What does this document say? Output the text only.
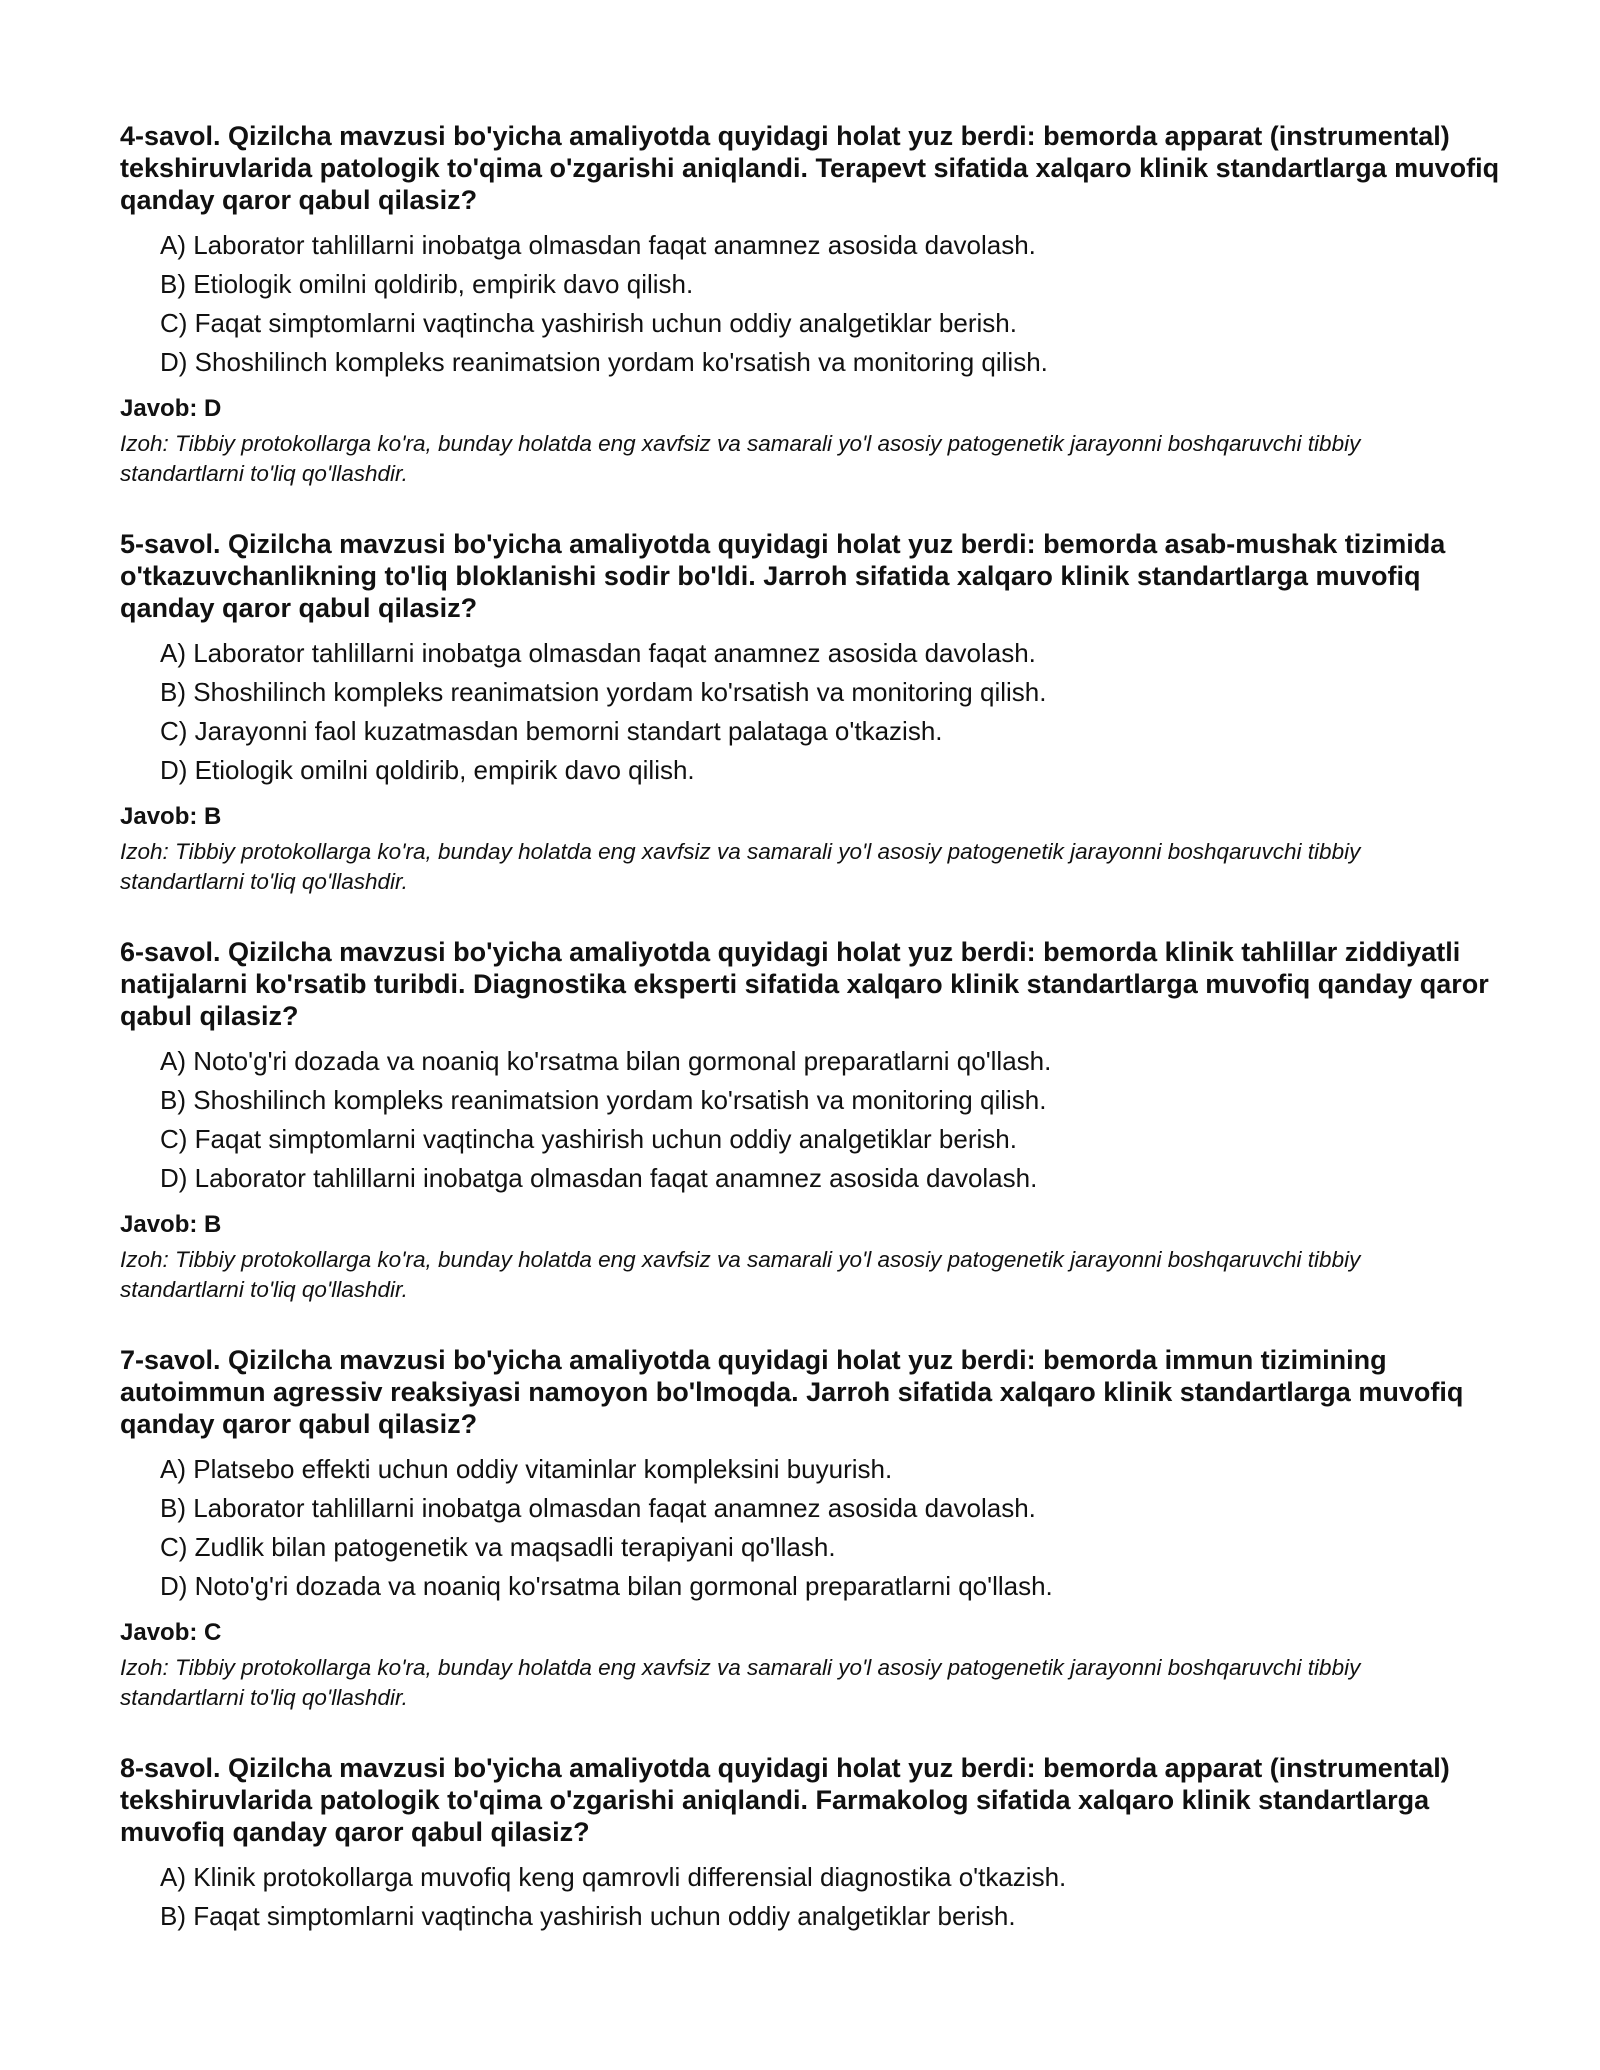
4-savol. Qizilcha mavzusi bo'yicha amaliyotda quyidagi holat yuz berdi: bemorda apparat (instrumental) tekshiruvlarida patologik to'qima o'zgarishi aniqlandi. Terapevt sifatida xalqaro klinik standartlarga muvofiq qanday qaror qabul qilasiz?

A) Laborator tahlillarni inobatga olmasdan faqat anamnez asosida davolash.
B) Etiologik omilni qoldirib, empirik davo qilish.
C) Faqat simptomlarni vaqtincha yashirish uchun oddiy analgetiklar berish.
D) Shoshilinch kompleks reanimatsion yordam ko'rsatish va monitoring qilish.

Javob: D

Izoh: Tibbiy protokollarga ko'ra, bunday holatda eng xavfsiz va samarali yo'l asosiy patogenetik jarayonni boshqaruvchi tibbiy standartlarni to'liq qo'llashdir.

5-savol. Qizilcha mavzusi bo'yicha amaliyotda quyidagi holat yuz berdi: bemorda asab-mushak tizimida o'tkazuvchanlikning to'liq bloklanishi sodir bo'ldi. Jarroh sifatida xalqaro klinik standartlarga muvofiq qanday qaror qabul qilasiz?

A) Laborator tahlillarni inobatga olmasdan faqat anamnez asosida davolash.
B) Shoshilinch kompleks reanimatsion yordam ko'rsatish va monitoring qilish.
C) Jarayonni faol kuzatmasdan bemorni standart palataga o'tkazish.
D) Etiologik omilni qoldirib, empirik davo qilish.

Javob: B

Izoh: Tibbiy protokollarga ko'ra, bunday holatda eng xavfsiz va samarali yo'l asosiy patogenetik jarayonni boshqaruvchi tibbiy standartlarni to'liq qo'llashdir.

6-savol. Qizilcha mavzusi bo'yicha amaliyotda quyidagi holat yuz berdi: bemorda klinik tahlillar ziddiyatli natijalarni ko'rsatib turibdi. Diagnostika eksperti sifatida xalqaro klinik standartlarga muvofiq qanday qaror qabul qilasiz?

A) Noto'g'ri dozada va noaniq ko'rsatma bilan gormonal preparatlarni qo'llash.
B) Shoshilinch kompleks reanimatsion yordam ko'rsatish va monitoring qilish.
C) Faqat simptomlarni vaqtincha yashirish uchun oddiy analgetiklar berish.
D) Laborator tahlillarni inobatga olmasdan faqat anamnez asosida davolash.

Javob: B

Izoh: Tibbiy protokollarga ko'ra, bunday holatda eng xavfsiz va samarali yo'l asosiy patogenetik jarayonni boshqaruvchi tibbiy standartlarni to'liq qo'llashdir.

7-savol. Qizilcha mavzusi bo'yicha amaliyotda quyidagi holat yuz berdi: bemorda immun tizimining autoimmun agressiv reaksiyasi namoyon bo'lmoqda. Jarroh sifatida xalqaro klinik standartlarga muvofiq qanday qaror qabul qilasiz?

A) Platsebo effekti uchun oddiy vitaminlar kompleksini buyurish.
B) Laborator tahlillarni inobatga olmasdan faqat anamnez asosida davolash.
C) Zudlik bilan patogenetik va maqsadli terapiyani qo'llash.
D) Noto'g'ri dozada va noaniq ko'rsatma bilan gormonal preparatlarni qo'llash.

Javob: C

Izoh: Tibbiy protokollarga ko'ra, bunday holatda eng xavfsiz va samarali yo'l asosiy patogenetik jarayonni boshqaruvchi tibbiy standartlarni to'liq qo'llashdir.

8-savol. Qizilcha mavzusi bo'yicha amaliyotda quyidagi holat yuz berdi: bemorda apparat (instrumental) tekshiruvlarida patologik to'qima o'zgarishi aniqlandi. Farmakolog sifatida xalqaro klinik standartlarga muvofiq qanday qaror qabul qilasiz?

A) Klinik protokollarga muvofiq keng qamrovli differensial diagnostika o'tkazish.
B) Faqat simptomlarni vaqtincha yashirish uchun oddiy analgetiklar berish.
